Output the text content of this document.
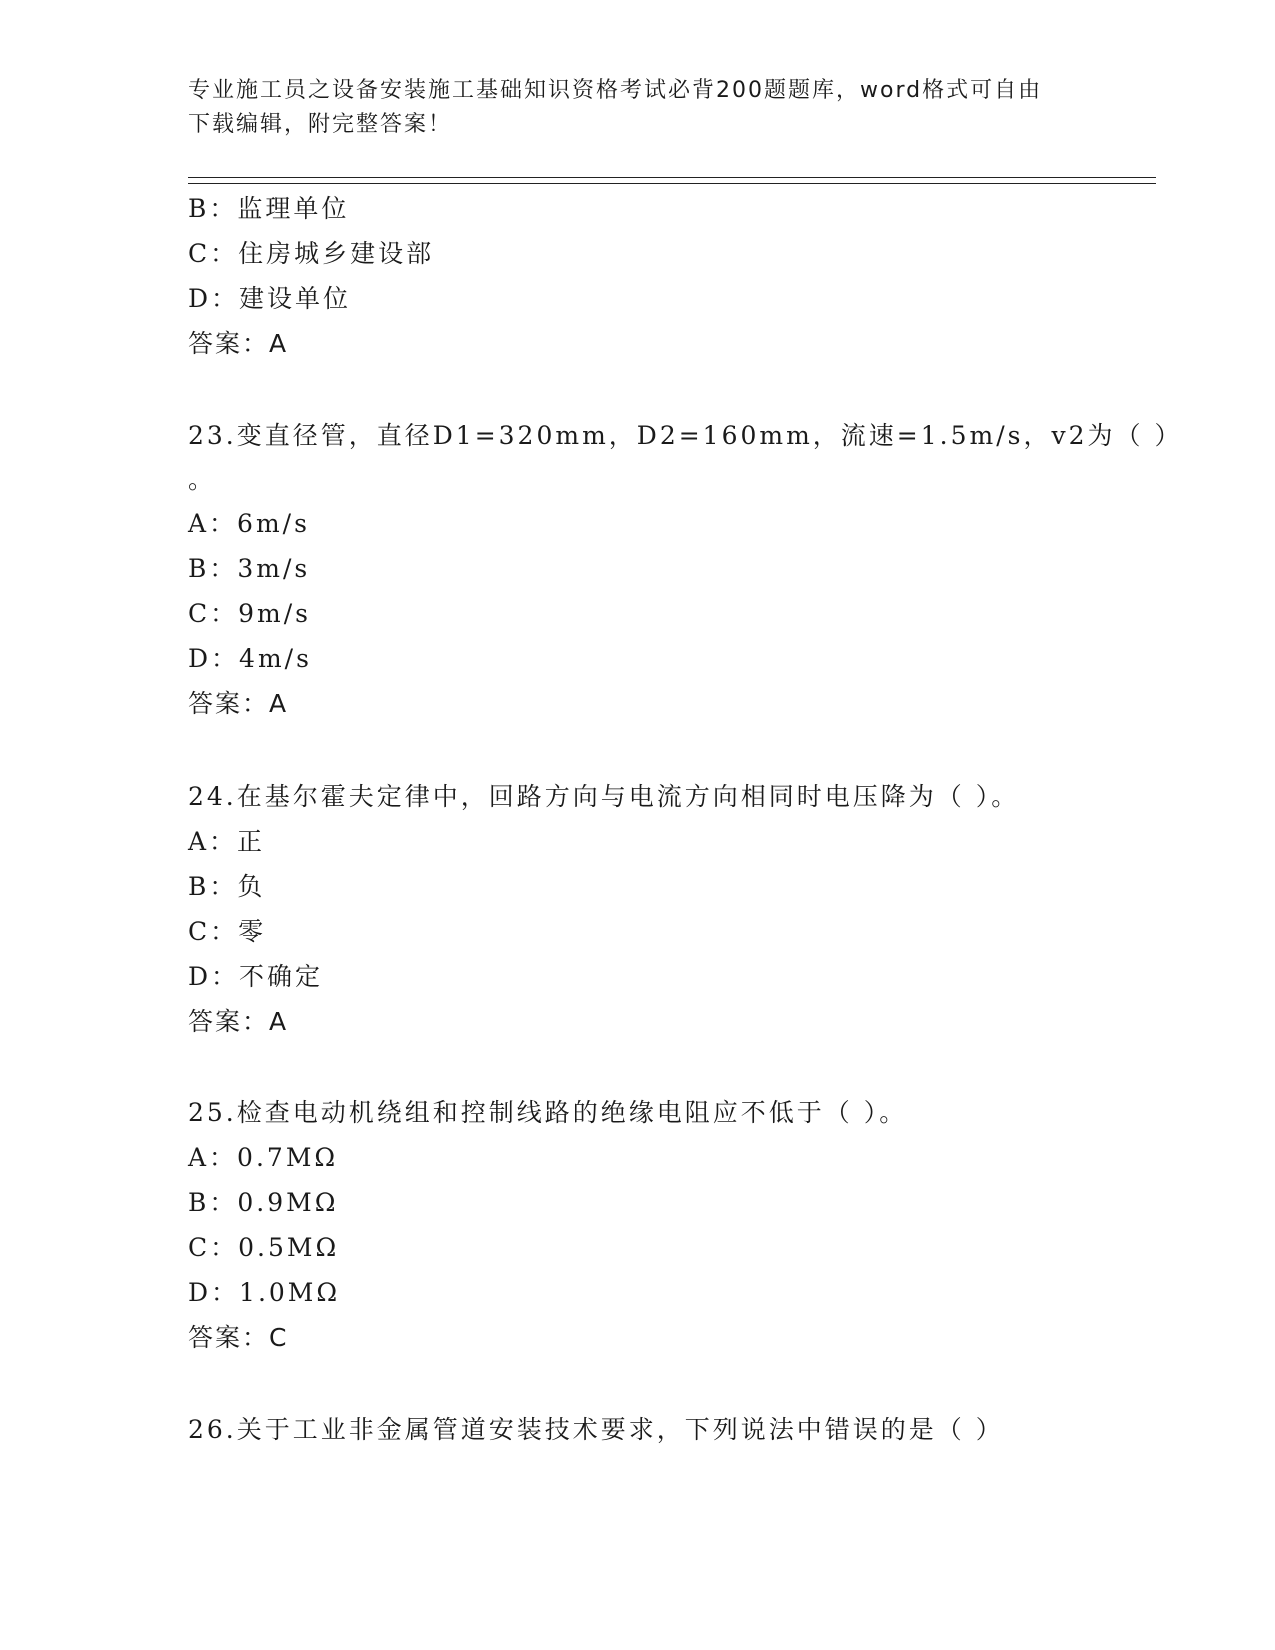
专业施工员之设备安装施工基础知识资格考试必背200题题库，word格式可自由
下载编辑，附完整答案！
B：监理单位
C：住房城乡建设部
D：建设单位
答案：A
23.变直径管，直径D1=320mm，D2=160mm，流速=1.5m/s，v2为（ ）
。
A：6m/s
B：3m/s
C：9m/s
D：4m/s
答案：A
24.在基尔霍夫定律中，回路方向与电流方向相同时电压降为（ ）。
A：正
B：负
C：零
D：不确定
答案：A
25.检查电动机绕组和控制线路的绝缘电阻应不低于（ ）。
A：0.7MΩ
B：0.9MΩ
C：0.5MΩ
D：1.0MΩ
答案：C
26.关于工业非金属管道安装技术要求，下列说法中错误的是（ ）
